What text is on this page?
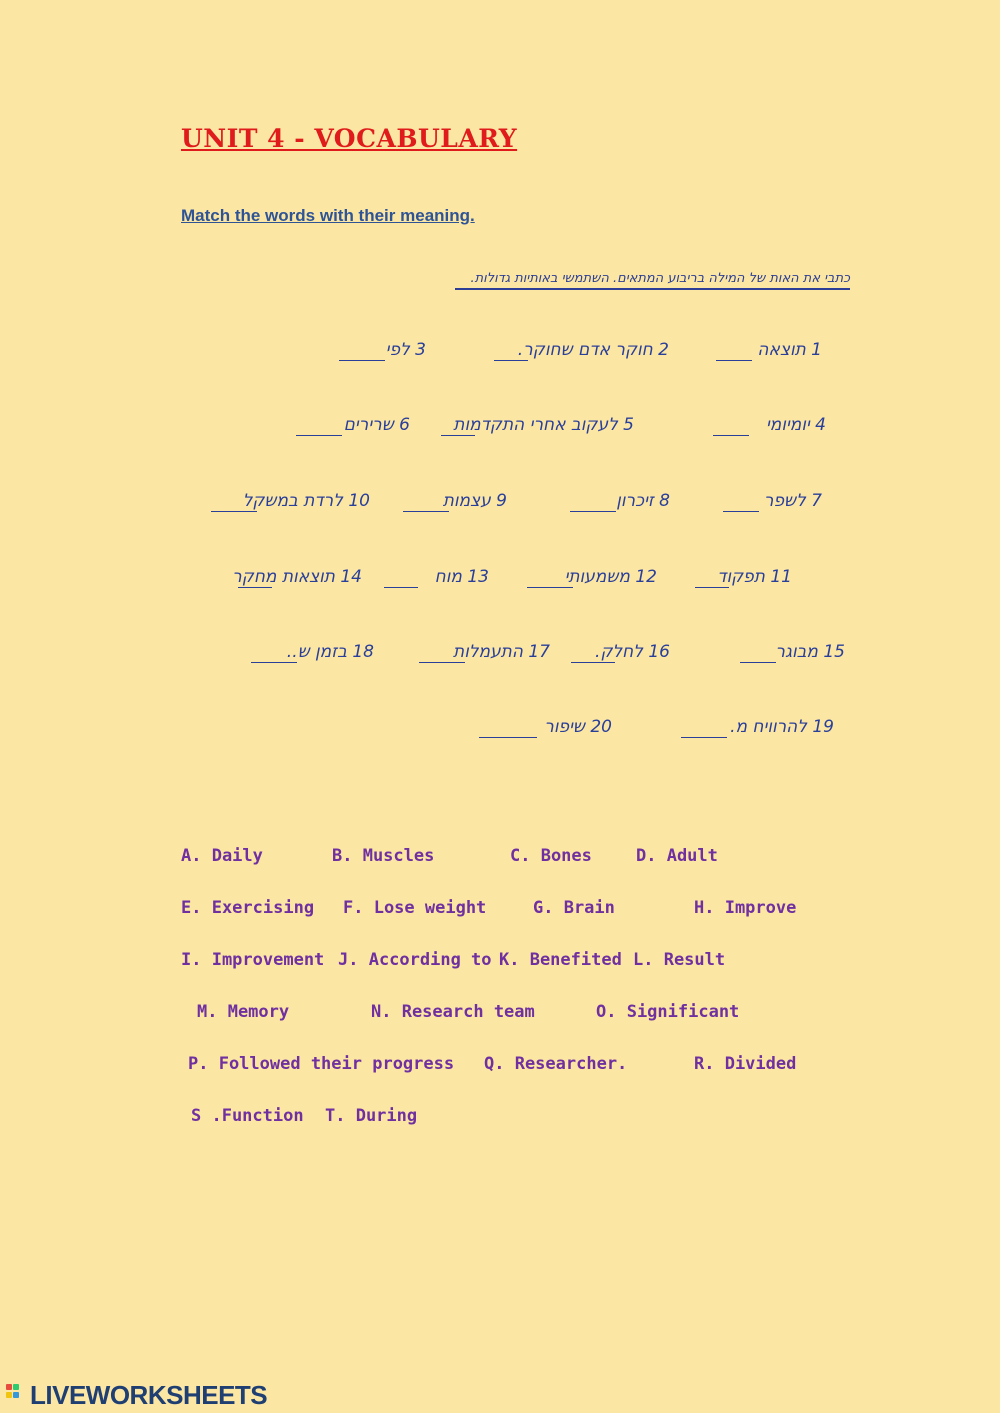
UNIT 4 - VOCABULARY
Match the words with their meaning.
כתבי את האות של המילה בריבוע המתאים. השתמשי באותיות גדולות.
1 תוצאה
2 חוקר אדם שחוקר.
3 לפי
4 יומיומי
5 לעקוב אחרי התקדמות
6 שרירים
7 לשפר
8 זיכרון
9 עצמות
10 לרדת במשקל
11 תפקוד
12 משמעותי
13 מוח
14 תוצאות מחקר
15 מבוגר
16 לחלק.
17 התעמלות
18 בזמן ש..
19 להרוויח מ.
20 שיפור
A. Daily	B. Muscles	C. Bones	D. Adult
E. Exercising F. Lose weight	G. Brain	H. Improve
I. Improvement J. According to K. Benefited L. Result
M. Memory	N. Research team	O. Significant
P. Followed their progress Q. Researcher.	R. Divided
S .Function T. During
LIVEWORKSHEETS
